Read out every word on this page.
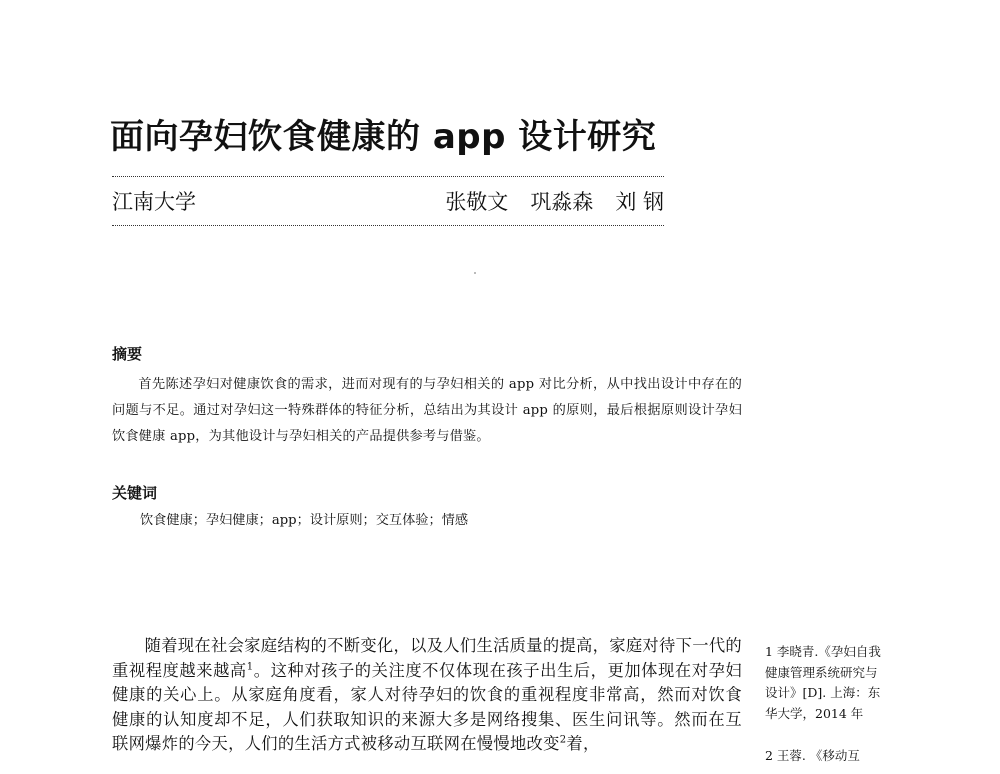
面向孕妇饮食健康的 app 设计研究
江南大学	张敬文 巩淼森 刘 钢
摘要

首先陈述孕妇对健康饮食的需求，进而对现有的与孕妇相关的 app 对比分析，从中找出设计中存在的问题与不足。通过对孕妇这一特殊群体的特征分析，总结出为其设计 app 的原则，最后根据原则设计孕妇饮食健康 app，为其他设计与孕妇相关的产品提供参考与借鉴。

关键词

饮食健康；孕妇健康；app；设计原则；交互体验；情感

随着现在社会家庭结构的不断变化，以及人们生活质量的提高，家庭对待下一代的重视程度越来越高$^1$。这种对孩子的关注度不仅体现在孩子出生后，更加体现在对孕妇健康的关心上。从家庭角度看，家人对待孕妇的饮食的重视程度非常高，然而对饮食健康的认知度却不足，人们获取知识的来源大多是网络搜集、医生问讯等。然而在互联网爆炸的今天，人们的生活方式被移动互联网在慢慢地改变$^2$着，

1 李晓青.《孕妇自我健康管理系统研究与设计》[D]. 上海：东华大学，2014 年

2 王蓉. 《移动互
